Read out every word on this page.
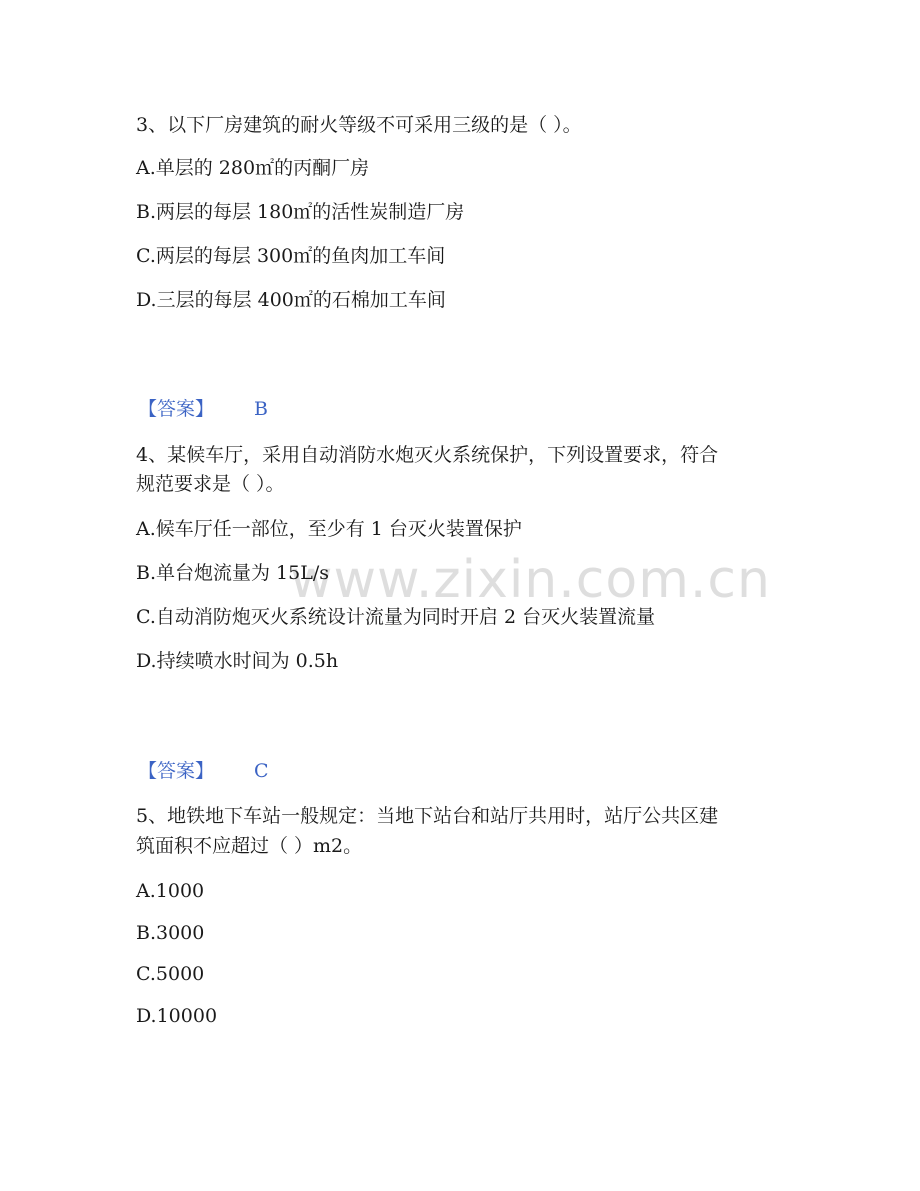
www.zixin.com.cn
3、以下厂房建筑的耐火等级不可采用三级的是（ ）。
A.单层的 280㎡的丙酮厂房
B.两层的每层 180㎡的活性炭制造厂房
C.两层的每层 300㎡的鱼肉加工车间
D.三层的每层 400㎡的石棉加工车间
【答案】 B
4、某候车厅，采用自动消防水炮灭火系统保护，下列设置要求，符合
规范要求是（ ）。
A.候车厅任一部位，至少有 1 台灭火装置保护
B.单台炮流量为 15L/s
C.自动消防炮灭火系统设计流量为同时开启 2 台灭火装置流量
D.持续喷水时间为 0.5h
【答案】 C
5、地铁地下车站一般规定：当地下站台和站厅共用时，站厅公共区建
筑面积不应超过（ ）m2。
A.1000
B.3000
C.5000
D.10000
